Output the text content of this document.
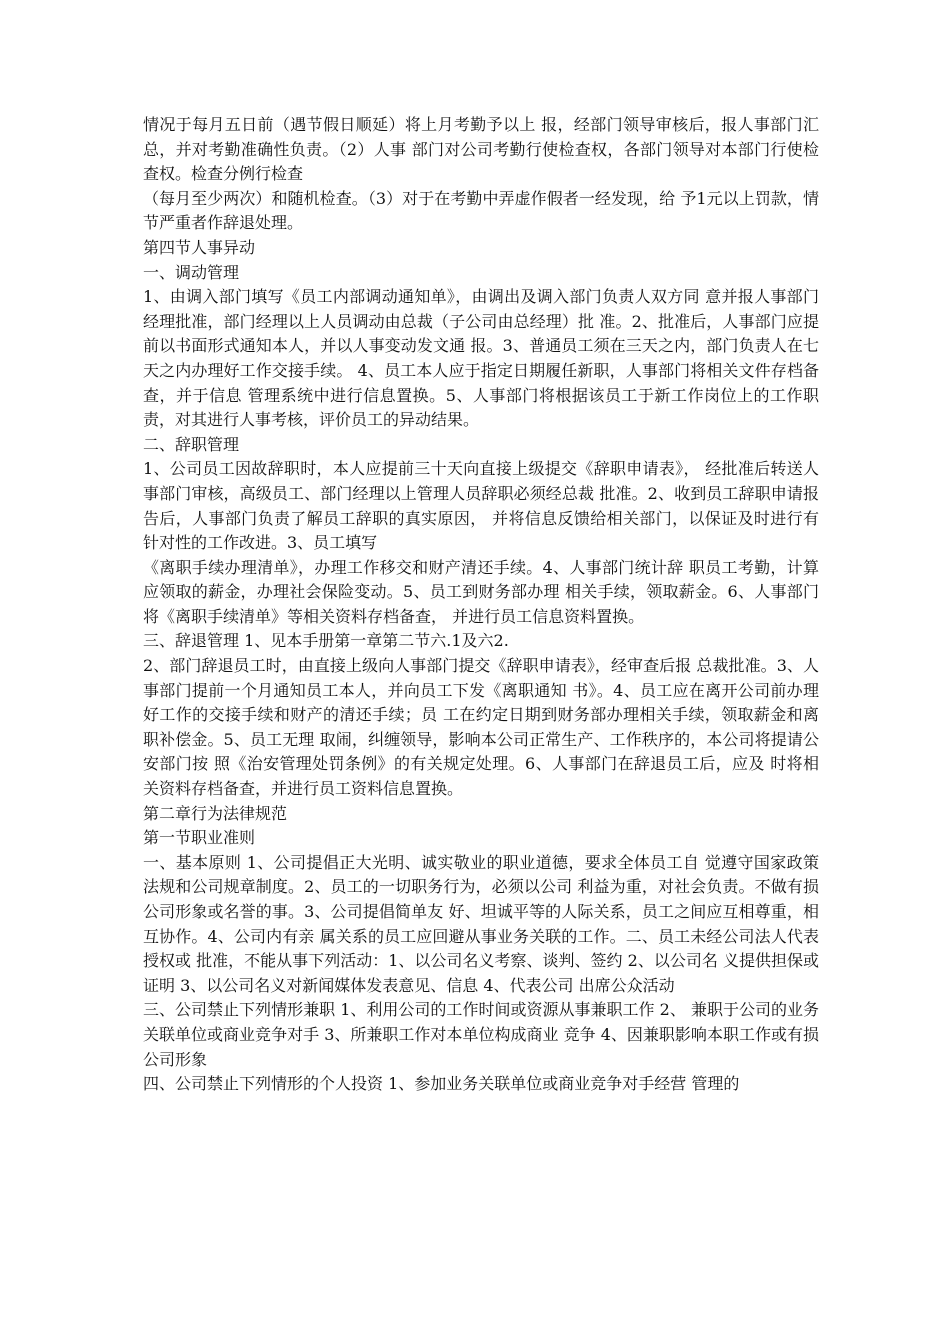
情况于每月五日前（遇节假日顺延）将上月考勤予以上 报，经部门领导审核后，报人事部门汇总，并对考勤准确性负责。（2）人事 部门对公司考勤行使检查权，各部门领导对本部门行使检查权。检查分例行检查

（每月至少两次）和随机检查。（3）对于在考勤中弄虚作假者一经发现，给 予1元以上罚款，情节严重者作辞退处理。

第四节人事异动

一、调动管理

1、由调入部门填写《员工内部调动通知单》，由调出及调入部门负责人双方同 意并报人事部门经理批准，部门经理以上人员调动由总裁（子公司由总经理）批 准。2、批准后，人事部门应提前以书面形式通知本人，并以人事变动发文通 报。3、普通员工须在三天之内，部门负责人在七天之内办理好工作交接手续。 4、员工本人应于指定日期履任新职，人事部门将相关文件存档备查，并于信息 管理系统中进行信息置换。5、人事部门将根据该员工于新工作岗位上的工作职 责，对其进行人事考核，评价员工的异动结果。

二、辞职管理

1、公司员工因故辞职时，本人应提前三十天向直接上级提交《辞职申请表》， 经批准后转送人事部门审核，高级员工、部门经理以上管理人员辞职必须经总裁 批准。2、收到员工辞职申请报告后，人事部门负责了解员工辞职的真实原因， 并将信息反馈给相关部门，以保证及时进行有针对性的工作改进。3、员工填写

《离职手续办理清单》，办理工作移交和财产清还手续。4、人事部门统计辞 职员工考勤，计算应领取的薪金，办理社会保险变动。5、员工到财务部办理 相关手续，领取薪金。6、人事部门将《离职手续清单》等相关资料存档备查， 并进行员工信息资料置换。

三、辞退管理 1、见本手册第一章第二节六.1及六2.

2、部门辞退员工时，由直接上级向人事部门提交《辞职申请表》，经审查后报 总裁批准。3、人事部门提前一个月通知员工本人，并向员工下发《离职通知 书》。4、员工应在离开公司前办理好工作的交接手续和财产的清还手续；员 工在约定日期到财务部办理相关手续，领取薪金和离职补偿金。5、员工无理 取闹，纠缠领导，影响本公司正常生产、工作秩序的，本公司将提请公安部门按 照《治安管理处罚条例》的有关规定处理。6、人事部门在辞退员工后，应及 时将相关资料存档备查，并进行员工资料信息置换。

第二章行为法律规范

第一节职业准则

一、基本原则 1、公司提倡正大光明、诚实敬业的职业道德，要求全体员工自 觉遵守国家政策法规和公司规章制度。2、员工的一切职务行为，必须以公司 利益为重，对社会负责。不做有损公司形象或名誉的事。3、公司提倡简单友 好、坦诚平等的人际关系，员工之间应互相尊重，相互协作。4、公司内有亲 属关系的员工应回避从事业务关联的工作。二、员工未经公司法人代表授权或 批准，不能从事下列活动：1、以公司名义考察、谈判、签约 2、以公司名 义提供担保或证明 3、以公司名义对新闻媒体发表意见、信息 4、代表公司 出席公众活动

三、公司禁止下列情形兼职 1、利用公司的工作时间或资源从事兼职工作 2、 兼职于公司的业务关联单位或商业竞争对手 3、所兼职工作对本单位构成商业 竞争 4、因兼职影响本职工作或有损公司形象

四、公司禁止下列情形的个人投资 1、参加业务关联单位或商业竞争对手经营 管理的
